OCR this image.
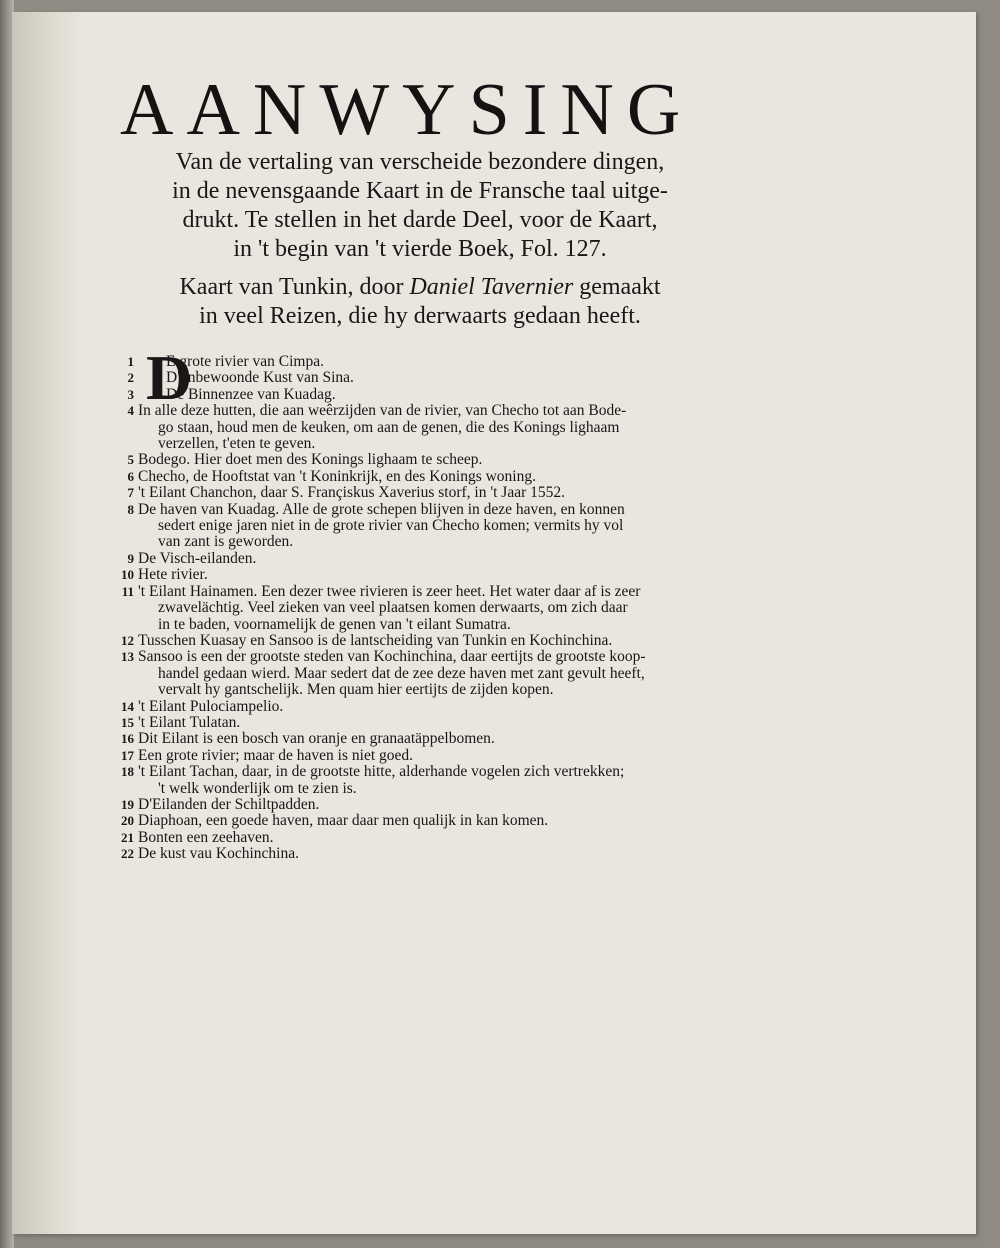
AANWYSING
Van de vertaling van verscheide bezondere dingen,
in de nevensgaande Kaart in de Fransche taal uitge-
drukt. Te stellen in het darde Deel, voor de Kaart,
in 't begin van 't vierde Boek, Fol. 127.
Kaart van Tunkin, door Daniel Tavernier gemaakt
in veel Reizen, die hy derwaarts gedaan heeft.
1 D
E grote rivier van Cimpa.
2	D'onbewoonde Kust van Sina.
3	De Binnenzee van Kuadag.
4 In alle deze hutten, die aan weêrzijden van de rivier, van Checho tot aan Bode-
go staan, houd men de keuken, om aan de genen, die des Konings lighaam
verzellen, t'eten te geven.
5 Bodego. Hier doet men des Konings lighaam te scheep.
6 Checho, de Hooftstat van 't Koninkrijk, en des Konings woning.
7 't Eilant Chanchon, daar S. Françiskus Xaverius storf, in 't Jaar 1552.
8 De haven van Kuadag. Alle de grote schepen blijven in deze haven, en konnen
sedert enige jaren niet in de grote rivier van Checho komen; vermits hy vol
van zant is geworden.
9 De Visch-eilanden.
10 Hete rivier.
11 't Eilant Hainamen. Een dezer twee rivieren is zeer heet. Het water daar af is zeer
zwavelächtig. Veel zieken van veel plaatsen komen derwaarts, om zich daar
in te baden, voornamelijk de genen van 't eilant Sumatra.
12 Tusschen Kuasay en Sansoo is de lantscheiding van Tunkin en Kochinchina.
13 Sansoo is een der grootste steden van Kochinchina, daar eertijts de grootste koop-
handel gedaan wierd. Maar sedert dat de zee deze haven met zant gevult heeft,
vervalt hy gantschelijk. Men quam hier eertijts de zijden kopen.
14 't Eilant Pulociampelio.
15 't Eilant Tulatan.
16 Dit Eilant is een bosch van oranje en granaatäppelbomen.
17 Een grote rivier; maar de haven is niet goed.
18 't Eilant Tachan, daar, in de grootste hitte, alderhande vogelen zich vertrekken;
't welk wonderlijk om te zien is.
19 D'Eilanden der Schiltpadden.
20 Diaphoan, een goede haven, maar daar men qualijk in kan komen.
21 Bonten een zeehaven.
22 De kust vau Kochinchina.
